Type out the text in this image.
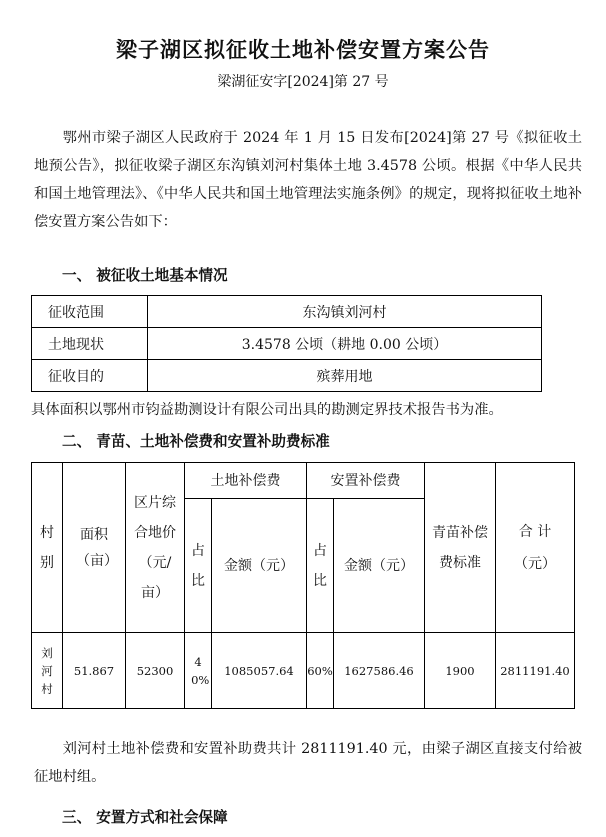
梁子湖区拟征收土地补偿安置方案公告
梁湖征安字[2024]第 27 号
鄂州市梁子湖区人民政府于 2024 年 1 月 15 日发布[2024]第 27 号《拟征收土地预公告》，拟征收梁子湖区东沟镇刘河村集体土地 3.4578 公顷。根据《中华人民共和国土地管理法》、《中华人民共和国土地管理法实施条例》的规定，现将拟征收土地补偿安置方案公告如下：
一、 被征收土地基本情况
征收范围	东沟镇刘河村
土地现状	3.4578 公顷（耕地 0.00 公顷）
征收目的	殡葬用地
具体面积以鄂州市钧益勘测设计有限公司出具的勘测定界技术报告书为准。
二、 青苗、土地补偿费和安置补助费标准
村别	面积（亩）	区片综合地价（元/亩）	土地补偿费		安置补偿费		青苗补偿费标准	合 计（元）

			占比	金额（元）	占比	金额（元）		
刘河村	51.867	52300	40%	1085057.64	60%	1627586.46	1900	2811191.40
刘河村土地补偿费和安置补助费共计 2811191.40 元，由梁子湖区直接支付给被征地村组。
三、 安置方式和社会保障
